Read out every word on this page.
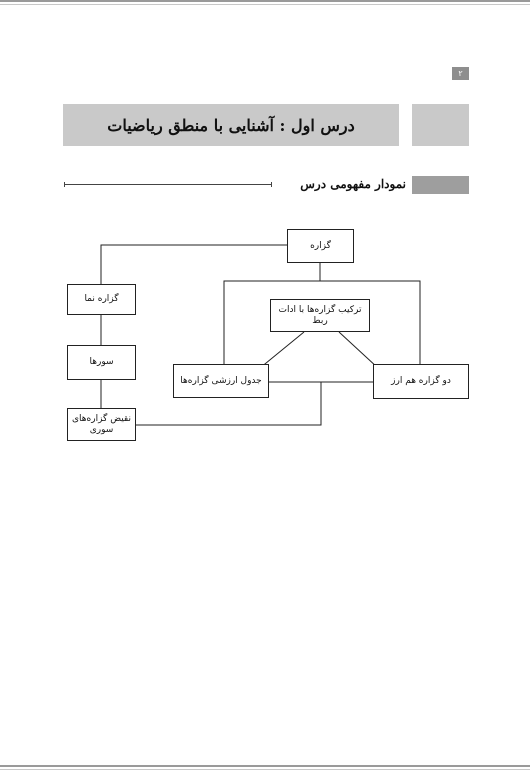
۲
درس اول : آشنایی با منطق ریاضیات
نمودار مفهومی درس
گزاره
ترکیب گزاره‌ها با ادات ربط
جدول ارزشی گزاره‌ها	دو گزاره هم ارز
گزاره نما
سورها
نقیض گزاره‌های سوری
